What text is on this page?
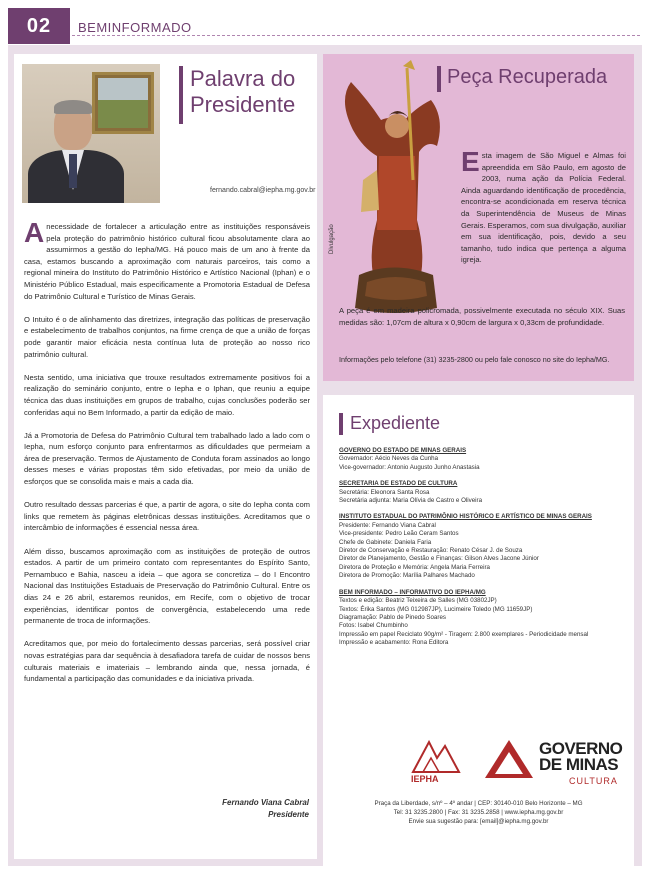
02	BEMINFORMADO
Palavra do Presidente
fernando.cabral@iepha.mg.gov.br

A necessidade de fortalecer a articulação entre as instituições responsáveis pela proteção do patrimônio histórico cultural ficou absolutamente clara ao assumirmos a gestão do Iepha/MG. Há pouco mais de um ano à frente da casa, estamos buscando a aproximação com naturais parceiros, tais como a regional mineira do Instituto do Patrimônio Histórico e Artístico Nacional (Iphan) e o Ministério Público Estadual, mais especificamente a Promotoria Estadual de Defesa do Patrimônio Cultural e Turístico de Minas Gerais.

O Intuito é o de alinhamento das diretrizes, integração das políticas de preservação e estabelecimento de trabalhos conjuntos, na firme crença de que a união de forças pode garantir maior eficácia nesta contínua luta de proteção ao nosso rico patrimônio cultural.

Nesta sentido, uma iniciativa que trouxe resultados extremamente positivos foi a realização do seminário conjunto, entre o Iepha e o Iphan, que reuniu a equipe técnica das duas instituições em grupos de trabalho, cujas conclusões poderão ser conferidas aqui no Bem Informado, a partir da edição de maio.

Já a Promotoria de Defesa do Patrimônio Cultural tem trabalhado lado a lado com o Iepha, num esforço conjunto para enfrentarmos as dificuldades que permeiam a área de preservação. Termos de Ajustamento de Conduta foram assinados ao longo desses meses e várias propostas têm sido efetivadas, por meio da união de esforços que se consolida mais e mais a cada dia.

Outro resultado dessas parcerias é que, a partir de agora, o site do Iepha conta com links que remetem às páginas eletrônicas dessas instituições. Acreditamos que o intercâmbio de informações é essencial nessa área.

Além disso, buscamos aproximação com as instituições de proteção de outros estados. A partir de um primeiro contato com representantes do Espírito Santo, Pernambuco e Bahia, nasceu a ideia – que agora se concretiza – do I Encontro Nacional das Instituições Estaduais de Preservação do Patrimônio Cultural. Entre os dias 24 e 26 abril, estaremos reunidos, em Recife, com o objetivo de trocar experiências, identificar pontos de convergência, estabelecendo uma rede permanente de troca de informações.

Acreditamos que, por meio do fortalecimento dessas parcerias, será possível criar novas estratégias para dar sequência à desafiadora tarefa de cuidar de nossos bens culturais materiais e imateriais – lembrando ainda que, nessa jornada, é fundamental a participação das comunidades e da iniciativa privada.

Fernando Viana Cabral
Presidente
Divulgação
Peça Recuperada
Esta imagem de São Miguel e Almas foi apreendida em São Paulo, em agosto de 2003, numa ação da Polícia Federal. Ainda aguardando identificação de procedência, encontra-se acondicionada em reserva técnica da Superintendência de Museus de Minas Gerais. Esperamos, com sua divulgação, auxiliar em sua identificação, pois, devido a seu tamanho, tudo indica que pertença a alguma igreja.
A peça é em madeira policromada, possivelmente executada no século XIX. Suas medidas são: 1,07cm de altura x 0,90cm de largura x 0,33cm de profundidade.
Informações pelo telefone (31) 3235-2800 ou pelo fale conosco no site do Iepha/MG.
Expediente
GOVERNO DO ESTADO DE MINAS GERAIS
Governador: Aécio Neves da Cunha
Vice-governador: Antonio Augusto Junho Anastasia
SECRETARIA DE ESTADO DE CULTURA
Secretária: Eleonora Santa Rosa
Secretária adjunta: Maria Olívia de Castro e Oliveira
INSTITUTO ESTADUAL DO PATRIMÔNIO HISTÓRICO E ARTÍSTICO DE MINAS GERAIS
Presidente: Fernando Viana Cabral
Vice-presidente: Pedro Leão Ceram Santos
Chefe de Gabinete: Daniela Faria
Diretor de Conservação e Restauração: Renato César J. de Souza
Diretor de Planejamento, Gestão e Finanças: Gilson Alves Jacone Júnior
Diretora de Proteção e Memória: Angela Maria Ferreira
Diretora de Promoção: Marília Palhares Machado
BEM INFORMADO – INFORMATIVO DO IEPHA/MG
Textos e edição: Beatriz Teixeira de Salles (MG 03802JP)
Textos: Érika Santos (MG 012987JP), Lucimeire Toledo (MG 11659JP)
Diagramação: Pablo de Pinedo Soares
Fotos: Isabel Chumbinho
Impressão em papel Reciclato 90g/m² - Tiragem: 2.800 exemplares - Periodicidade mensal
Impressão e acabamento: Rona Editora
IEPHA
GOVERNO
DE MINAS
CULTURA
Praça da Liberdade, s/nº – 4º andar | CEP: 30140-010 Belo Horizonte – MG
Tel: 31 3235.2800 | Fax: 31 3235.2858 | www.iepha.mg.gov.br
Envie sua sugestão para: [email]@iepha.mg.gov.br
